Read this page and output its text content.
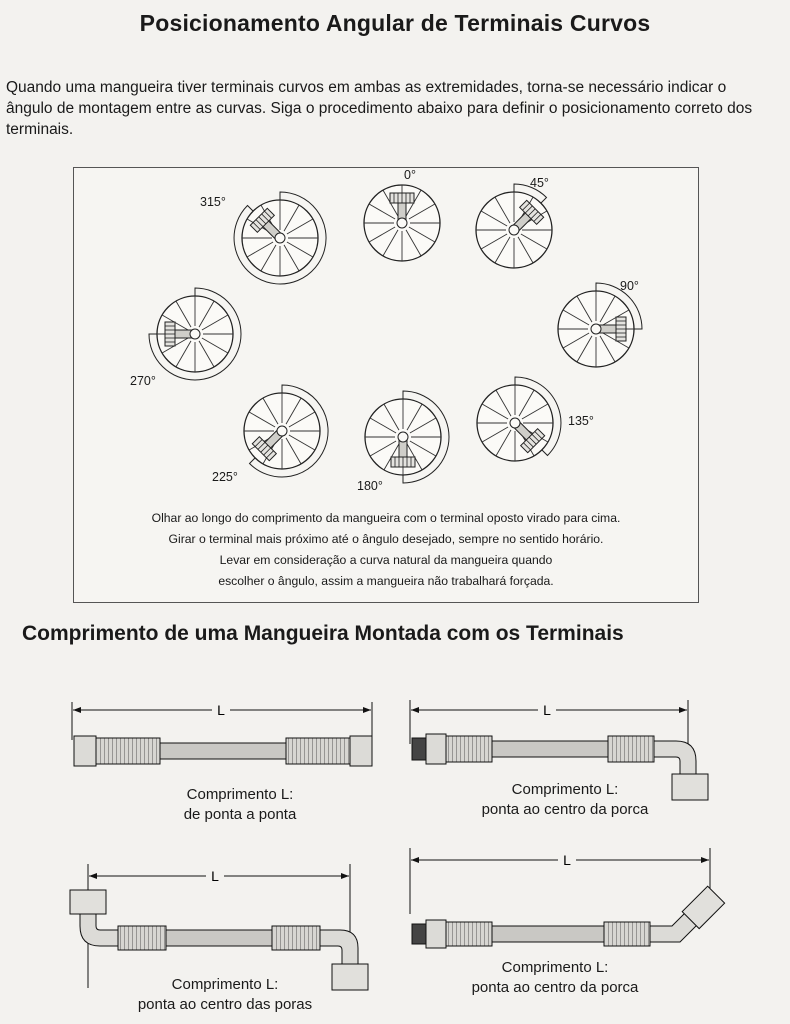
Posicionamento Angular de Terminais Curvos
Quando uma mangueira tiver terminais curvos em ambas as extremidades, torna-se necessário indicar o ângulo de montagem entre as curvas. Siga o procedimento abaixo para definir o posicionamento correto dos terminais.
0°
45°
90°
135°
180°
225°
270°
315°
Olhar ao longo do comprimento da mangueira com o terminal oposto virado para cima.
Girar o terminal mais próximo até o ângulo desejado, sempre no sentido horário.
Levar em consideração a curva natural da mangueira quando
escolher o ângulo, assim a mangueira não trabalhará forçada.
Comprimento de uma Mangueira Montada com os Terminais
L	L
L
L
Comprimento L:
de ponta a ponta
Comprimento L:
ponta ao centro da porca
Comprimento L:
ponta ao centro das poras
Comprimento L:
ponta ao centro da porca
